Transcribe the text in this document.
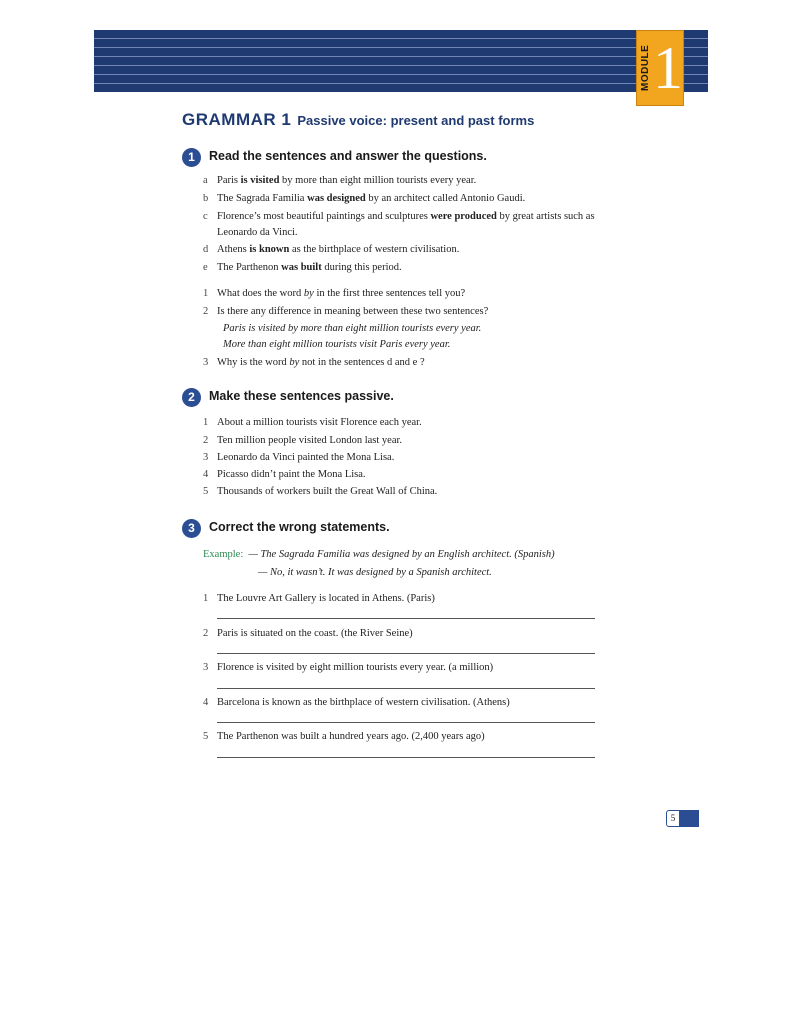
MODULE 1
GRAMMAR 1 Passive voice: present and past forms
1	Read the sentences and answer the questions.
a Paris is visited by more than eight million tourists every year.
b The Sagrada Familia was designed by an architect called Antonio Gaudi.
c Florence’s most beautiful paintings and sculptures were produced by great artists such as
Leonardo da Vinci.
d Athens is known as the birthplace of western civilisation.
e The Parthenon was built during this period.
1 What does the word by in the first three sentences tell you?
2 Is there any difference in meaning between these two sentences?
Paris is visited by more than eight million tourists every year.
More than eight million tourists visit Paris every year.
3 Why is the word by not in the sentences d and e ?
2	Make these sentences passive.
1 About a million tourists visit Florence each year.
2 Ten million people visited London last year.
3 Leonardo da Vinci painted the Mona Lisa.
4 Picasso didn’t paint the Mona Lisa.
5 Thousands of workers built the Great Wall of China.
3	Correct the wrong statements.
Example: — The Sagrada Familia was designed by an English architect. (Spanish)
— No, it wasn’t. It was designed by a Spanish architect.
1 The Louvre Art Gallery is located in Athens. (Paris)
2 Paris is situated on the coast. (the River Seine)
3 Florence is visited by eight million tourists every year. (a million)
4 Barcelona is known as the birthplace of western civilisation. (Athens)
5 The Parthenon was built a hundred years ago. (2,400 years ago)
5
